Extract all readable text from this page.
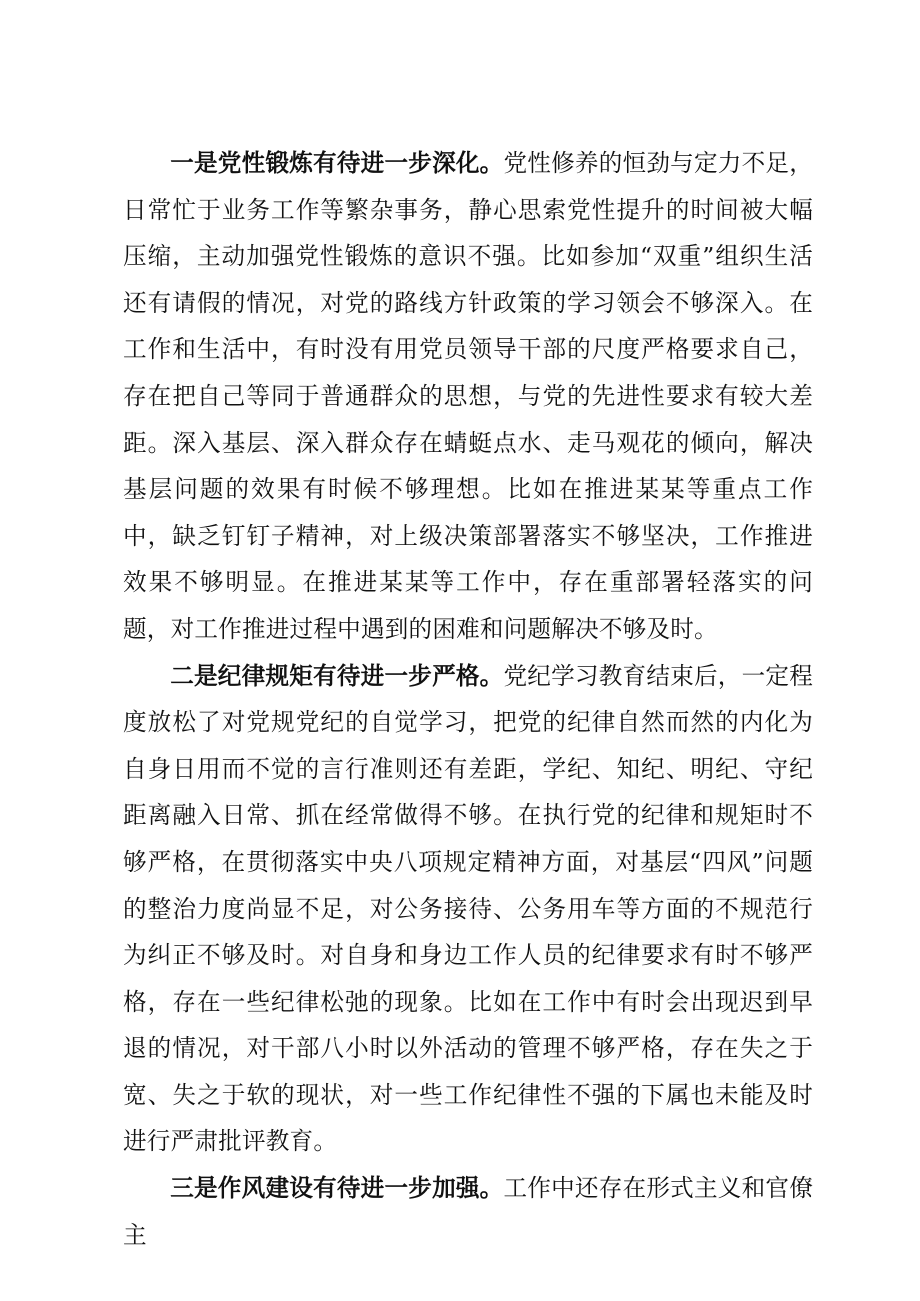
一是党性锻炼有待进一步深化。党性修养的恒劲与定力不足，日常忙于业务工作等繁杂事务，静心思索党性提升的时间被大幅压缩，主动加强党性锻炼的意识不强。比如参加“双重”组织生活还有请假的情况，对党的路线方针政策的学习领会不够深入。在工作和生活中，有时没有用党员领导干部的尺度严格要求自己，存在把自己等同于普通群众的思想，与党的先进性要求有较大差距。深入基层、深入群众存在蜻蜓点水、走马观花的倾向，解决基层问题的效果有时候不够理想。比如在推进某某等重点工作中，缺乏钉钉子精神，对上级决策部署落实不够坚决，工作推进效果不够明显。在推进某某等工作中，存在重部署轻落实的问题，对工作推进过程中遇到的困难和问题解决不够及时。

二是纪律规矩有待进一步严格。党纪学习教育结束后，一定程度放松了对党规党纪的自觉学习，把党的纪律自然而然的内化为自身日用而不觉的言行准则还有差距，学纪、知纪、明纪、守纪距离融入日常、抓在经常做得不够。在执行党的纪律和规矩时不够严格，在贯彻落实中央八项规定精神方面，对基层“四风”问题的整治力度尚显不足，对公务接待、公务用车等方面的不规范行为纠正不够及时。对自身和身边工作人员的纪律要求有时不够严格，存在一些纪律松弛的现象。比如在工作中有时会出现迟到早退的情况，对干部八小时以外活动的管理不够严格，存在失之于宽、失之于软的现状，对一些工作纪律性不强的下属也未能及时进行严肃批评教育。

三是作风建设有待进一步加强。工作中还存在形式主义和官僚主
